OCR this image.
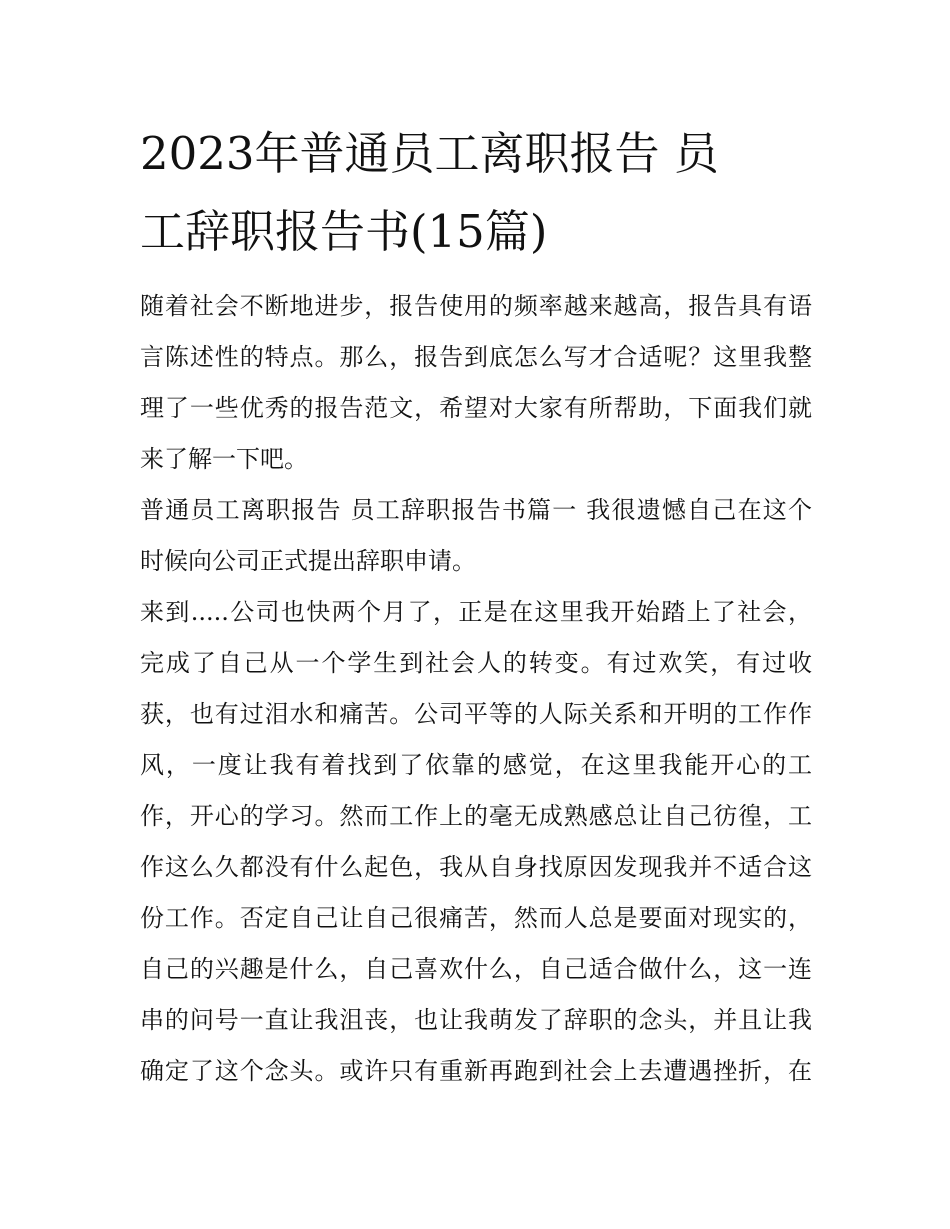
2023年普通员工离职报告 员
工辞职报告书(15篇)

随着社会不断地进步，报告使用的频率越来越高，报告具有语
言陈述性的特点。那么，报告到底怎么写才合适呢？这里我整
理了一些优秀的报告范文，希望对大家有所帮助，下面我们就
来了解一下吧。

普通员工离职报告 员工辞职报告书篇一 我很遗憾自己在这个
时候向公司正式提出辞职申请。

来到.....公司也快两个月了，正是在这里我开始踏上了社会，
完成了自己从一个学生到社会人的转变。有过欢笑，有过收
获，也有过泪水和痛苦。公司平等的人际关系和开明的工作作
风，一度让我有着找到了依靠的感觉，在这里我能开心的工
作，开心的学习。然而工作上的毫无成熟感总让自己彷徨，工
作这么久都没有什么起色，我从自身找原因发现我并不适合这
份工作。否定自己让自己很痛苦，然而人总是要面对现实的，
自己的兴趣是什么，自己喜欢什么，自己适合做什么，这一连
串的问号一直让我沮丧，也让我萌发了辞职的念头，并且让我
确定了这个念头。或许只有重新再跑到社会上去遭遇挫折，在
